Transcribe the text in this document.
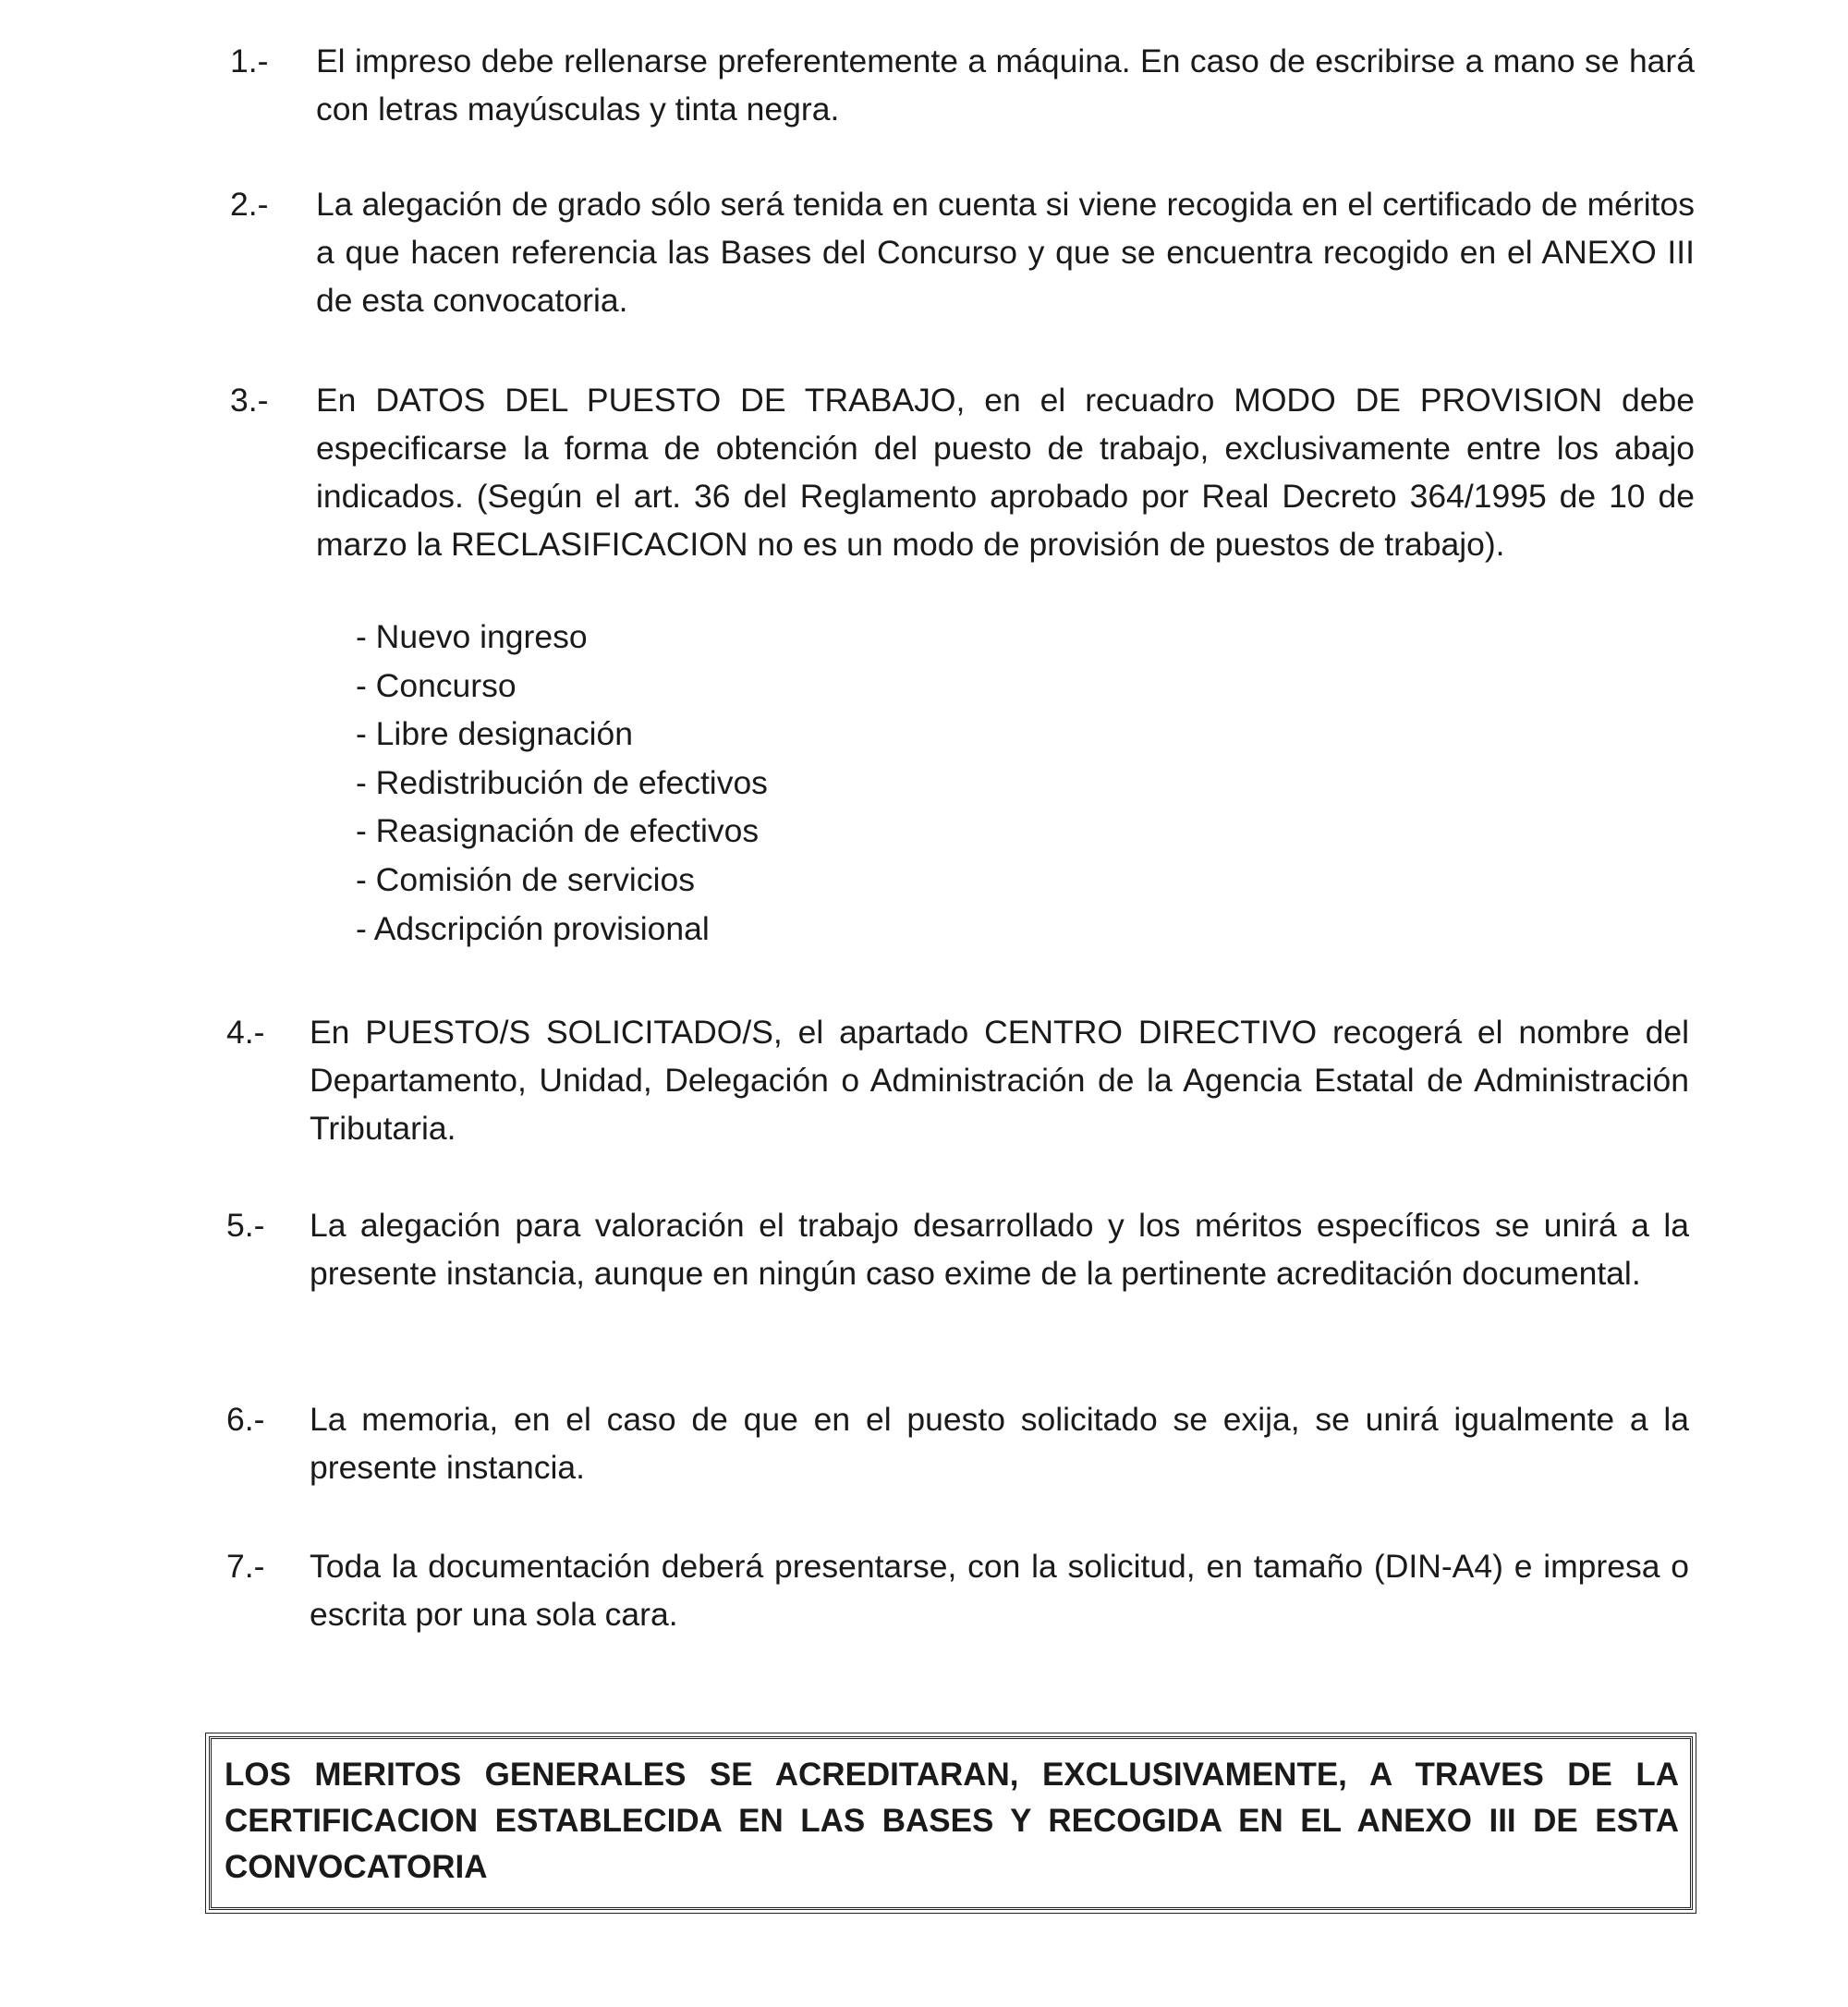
1.- El impreso debe rellenarse preferentemente a máquina. En caso de escribirse a mano se hará con letras mayúsculas y tinta negra.
2.- La alegación de grado sólo será tenida en cuenta si viene recogida en el certificado de méritos a que hacen referencia las Bases del Concurso y que se encuentra recogido en el ANEXO III de esta convocatoria.
3.- En DATOS DEL PUESTO DE TRABAJO, en el recuadro MODO DE PROVISION debe especificarse la forma de obtención del puesto de trabajo, exclusivamente entre los abajo indicados. (Según el art. 36 del Reglamento aprobado por Real Decreto 364/1995 de 10 de marzo la RECLASIFICACION no es un modo de provisión de puestos de trabajo).
- Nuevo ingreso
- Concurso
- Libre designación
- Redistribución de efectivos
- Reasignación de efectivos
- Comisión de servicios
- Adscripción provisional
4.- En PUESTO/S SOLICITADO/S, el apartado CENTRO DIRECTIVO recogerá el nombre del Departamento, Unidad, Delegación o Administración de la Agencia Estatal de Administración Tributaria.
5.- La alegación para valoración el trabajo desarrollado y los méritos específicos se unirá a la presente instancia, aunque en ningún caso exime de la pertinente acreditación documental.
6.- La memoria, en el caso de que en el puesto solicitado se exija, se unirá igualmente a la presente instancia.
7.- Toda la documentación deberá presentarse, con la solicitud, en tamaño (DIN-A4) e impresa o escrita por una sola cara.

LOS MERITOS GENERALES SE ACREDITARAN, EXCLUSIVAMENTE, A TRAVES DE LA CERTIFICACION ESTABLECIDA EN LAS BASES Y RECOGIDA EN EL ANEXO III DE ESTA CONVOCATORIA
